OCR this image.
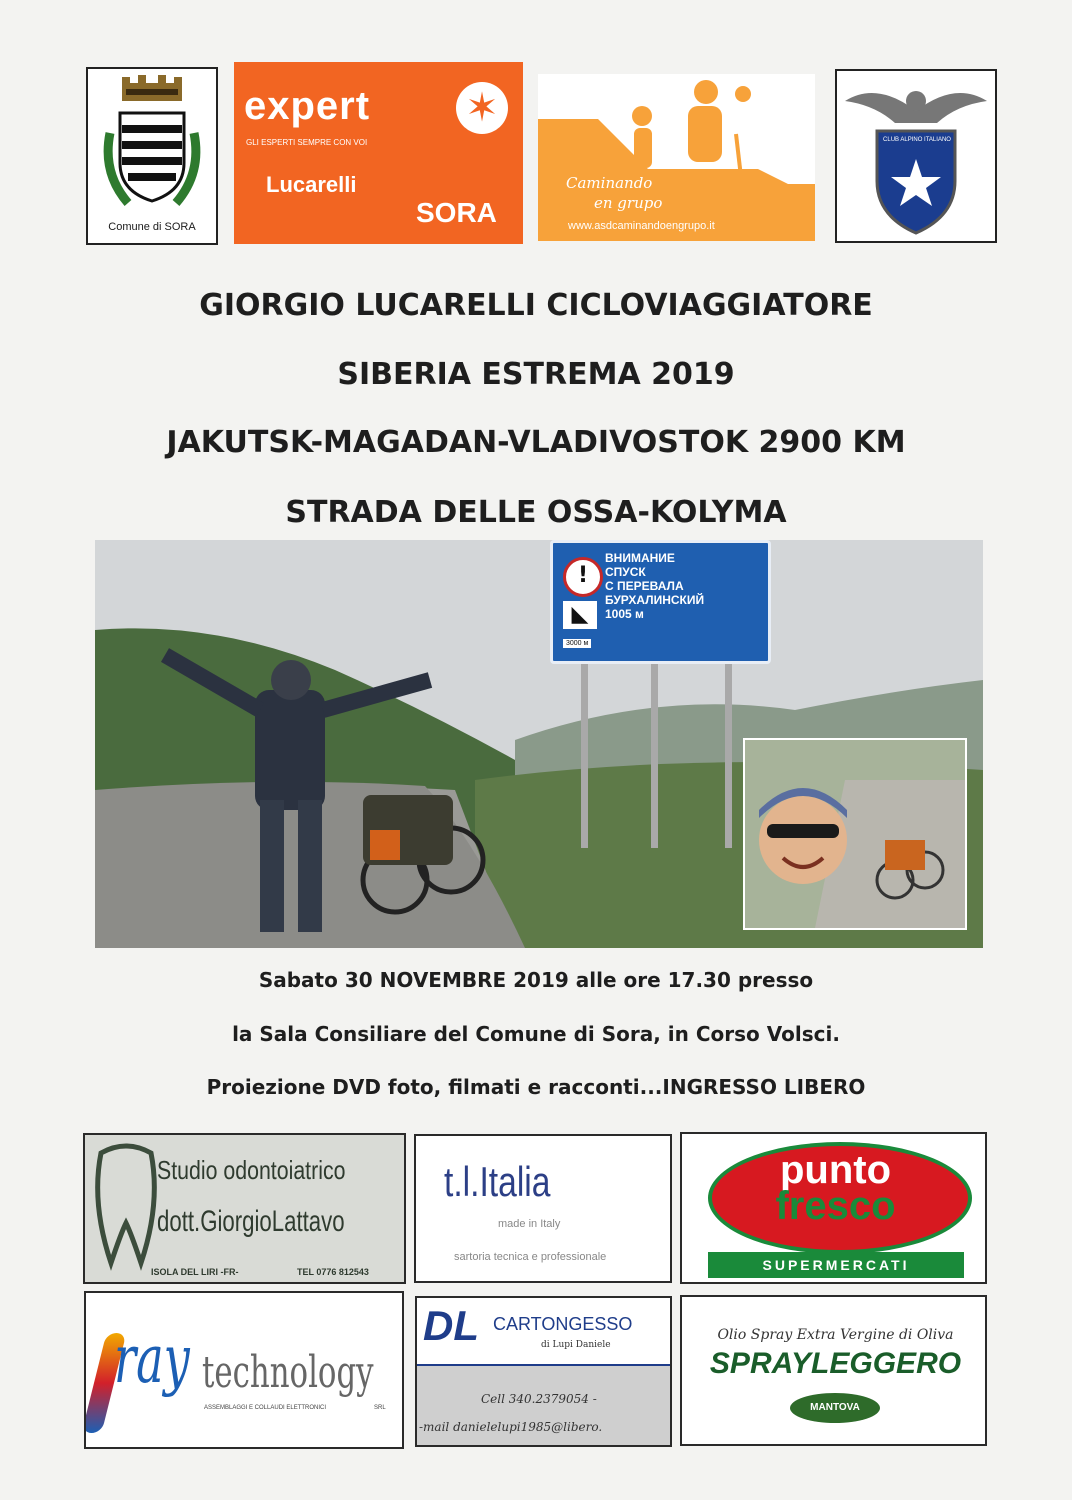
Comune di SORA
expert ✶
GLI ESPERTI SEMPRE CON VOI
Lucarelli
SORA
Caminando
en grupo
www.asdcaminandoengrupo.it
CLUB ALPINO ITALIANO
GIORGIO LUCARELLI CICLOVIAGGIATORE
SIBERIA ESTREMA 2019
JAKUTSK-MAGADAN-VLADIVOSTOK 2900 KM
STRADA DELLE OSSA-KOLYMA
!
◣
ВНИМАНИЕ
СПУСК
С ПЕРЕВАЛА
БУРХАЛИНСКИЙ
1005 м
3000 м
Sabato 30 NOVEMBRE 2019 alle ore 17.30 presso
la Sala Consiliare del Comune di Sora, in Corso Volsci.
Proiezione DVD foto, filmati e racconti...INGRESSO LIBERO
Studio odontoiatrico
dott.GiorgioLattavo
ISOLA DEL LIRI -FR-	TEL 0776 812543
t.l.Italia
made in Italy
sartoria tecnica e professionale
punto
fresco
SUPERMERCATI
ray technology
ASSEMBLAGGI E COLLAUDI ELETTRONICI	SRL
DL CARTONGESSO
di Lupi Daniele
Cell 340.2379054 -
-mail danielelupi1985@libero.
Olio Spray Extra Vergine di Oliva
SPRAYLEGGERO
MANTOVA
